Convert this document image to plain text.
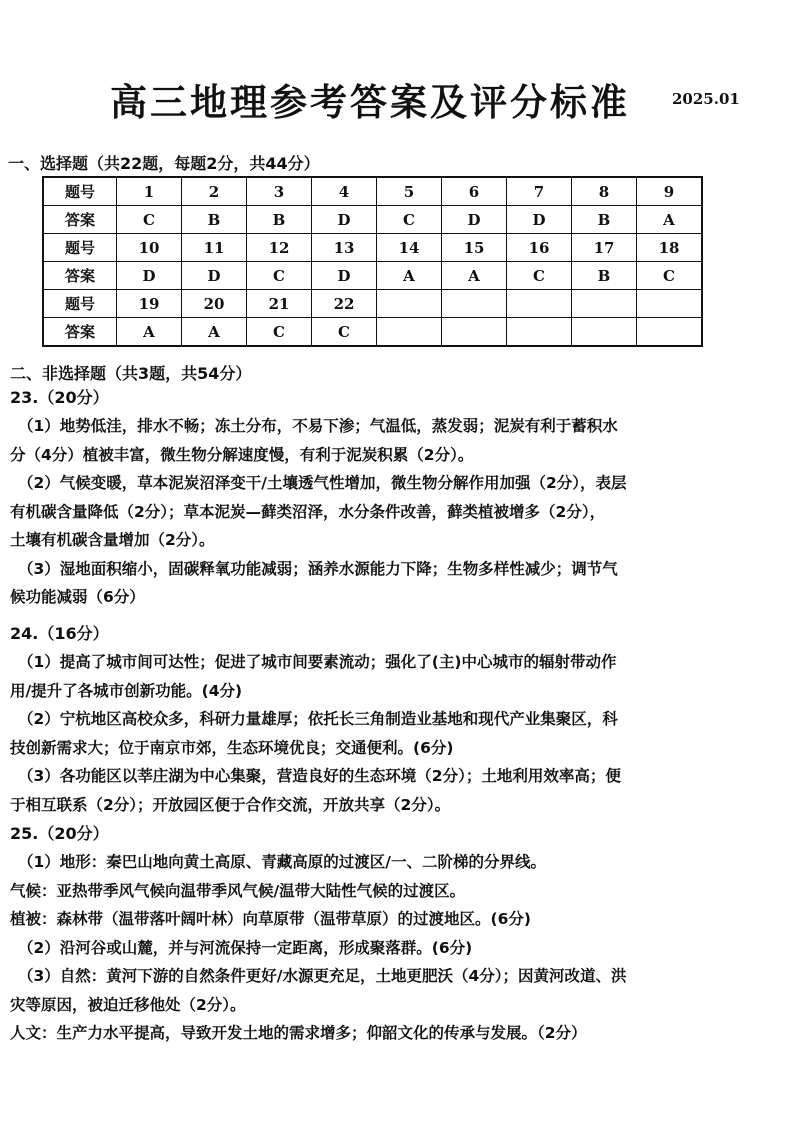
高三地理参考答案及评分标准	2025.01
一、选择题（共22题，每题2分，共44分）
题号	1	2	3	4	5	6	7	8	9
答案	C	B	B	D	C	D	D	B	A
题号	10	11	12	13	14	15	16	17	18
答案	D	D	C	D	A	A	C	B	C
题号	19	20	21	22					
答案	A	A	C	C					
二、非选择题（共3题，共54分）
23.（20分）
（1）地势低洼，排水不畅；冻土分布，不易下渗；气温低，蒸发弱；泥炭有利于蓄积水
分（4分）植被丰富，微生物分解速度慢，有利于泥炭积累（2分）。
（2）气候变暖，草本泥炭沼泽变干/土壤透气性增加，微生物分解作用加强（2分），表层
有机碳含量降低（2分）；草本泥炭—藓类沼泽，水分条件改善，藓类植被增多（2分），
土壤有机碳含量增加（2分）。
（3）湿地面积缩小，固碳释氧功能减弱；涵养水源能力下降；生物多样性减少；调节气
候功能减弱（6分）
24.（16分）
（1）提高了城市间可达性；促进了城市间要素流动；强化了(主)中心城市的辐射带动作
用/提升了各城市创新功能。(4分)
（2）宁杭地区高校众多，科研力量雄厚；依托长三角制造业基地和现代产业集聚区，科
技创新需求大；位于南京市郊，生态环境优良；交通便利。(6分)
（3）各功能区以莘庄湖为中心集聚，营造良好的生态环境（2分）；土地利用效率高；便
于相互联系（2分）；开放园区便于合作交流，开放共享（2分）。
25.（20分）
（1）地形：秦巴山地向黄土高原、青藏高原的过渡区/一、二阶梯的分界线。
气候：亚热带季风气候向温带季风气候/温带大陆性气候的过渡区。
植被：森林带（温带落叶阔叶林）向草原带（温带草原）的过渡地区。(6分)
（2）沿河谷或山麓，并与河流保持一定距离，形成聚落群。(6分)
（3）自然：黄河下游的自然条件更好/水源更充足，土地更肥沃（4分）；因黄河改道、洪
灾等原因，被迫迁移他处（2分）。
人文：生产力水平提高，导致开发土地的需求增多；仰韶文化的传承与发展。（2分）
